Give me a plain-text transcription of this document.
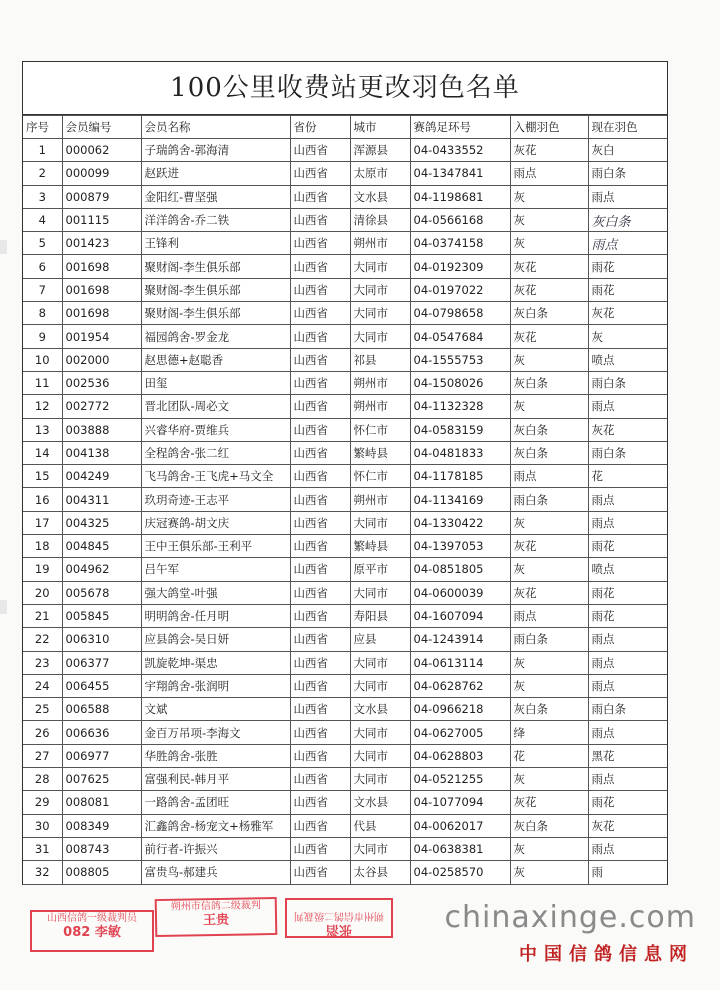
100公里收费站更改羽色名单
序号	会员编号	会员名称	省份	城市	赛鸽足环号	入棚羽色	现在羽色
1	000062	子瑞鸽舍-郭海清	山西省	浑源县	04-0433552	灰花	灰白
2	000099	赵跃进	山西省	太原市	04-1347841	雨点	雨白条
3	000879	金阳红-曹坚强	山西省	文水县	04-1198681	灰	雨点
4	001115	洋洋鸽舍-乔二铁	山西省	清徐县	04-0566168	灰	灰白条
5	001423	王锋利	山西省	朔州市	04-0374158	灰	雨点
6	001698	聚财阁-李生俱乐部	山西省	大同市	04-0192309	灰花	雨花
7	001698	聚财阁-李生俱乐部	山西省	大同市	04-0197022	灰花	雨花
8	001698	聚财阁-李生俱乐部	山西省	大同市	04-0798658	灰白条	灰花
9	001954	福园鸽舍-罗金龙	山西省	大同市	04-0547684	灰花	灰
10	002000	赵思德+赵聪香	山西省	祁县	04-1555753	灰	喷点
11	002536	田玺	山西省	朔州市	04-1508026	灰白条	雨白条
12	002772	晋北团队-周必文	山西省	朔州市	04-1132328	灰	雨点
13	003888	兴睿华府-贾维兵	山西省	怀仁市	04-0583159	灰白条	灰花
14	004138	全程鸽舍-张二红	山西省	繁峙县	04-0481833	灰白条	雨白条
15	004249	飞马鸽舍-王飞虎+马文全	山西省	怀仁市	04-1178185	雨点	花
16	004311	玖玥奇迹-王志平	山西省	朔州市	04-1134169	雨白条	雨点
17	004325	庆冠赛鸽-胡文庆	山西省	大同市	04-1330422	灰	雨点
18	004845	王中王俱乐部-王利平	山西省	繁峙县	04-1397053	灰花	雨花
19	004962	吕午军	山西省	原平市	04-0851805	灰	喷点
20	005678	强大鸽堂-叶强	山西省	大同市	04-0600039	灰花	雨花
21	005845	明明鸽舍-任月明	山西省	寿阳县	04-1607094	雨点	雨花
22	006310	应县鸽会-吴日妍	山西省	应县	04-1243914	雨白条	雨点
23	006377	凯旋乾坤-渠忠	山西省	大同市	04-0613114	灰	雨点
24	006455	宇翔鸽舍-张润明	山西省	大同市	04-0628762	灰	雨点
25	006588	文斌	山西省	文水县	04-0966218	灰白条	雨白条
26	006636	金百万吊项-李海文	山西省	大同市	04-0627005	绛	雨点
27	006977	华胜鸽舍-张胜	山西省	大同市	04-0628803	花	黑花
28	007625	富强利民-韩月平	山西省	大同市	04-0521255	灰	雨点
29	008081	一路鸽舍-孟团旺	山西省	文水县	04-1077094	灰花	雨花
30	008349	汇鑫鸽舍-杨宠文+杨雅军	山西省	代县	04-0062017	灰白条	灰花
31	008743	前行者-许振兴	山西省	大同市	04-0638381	灰	雨点
32	008805	富贵鸟-郝建兵	山西省	太谷县	04-0258570	灰	雨
山西信鸽一级裁判员
082 李敏
朔州市信鸽二级裁判
王贵
张滔
朔州市信鸽二级裁判 chinaxinge.com
中国信鸽信息网
